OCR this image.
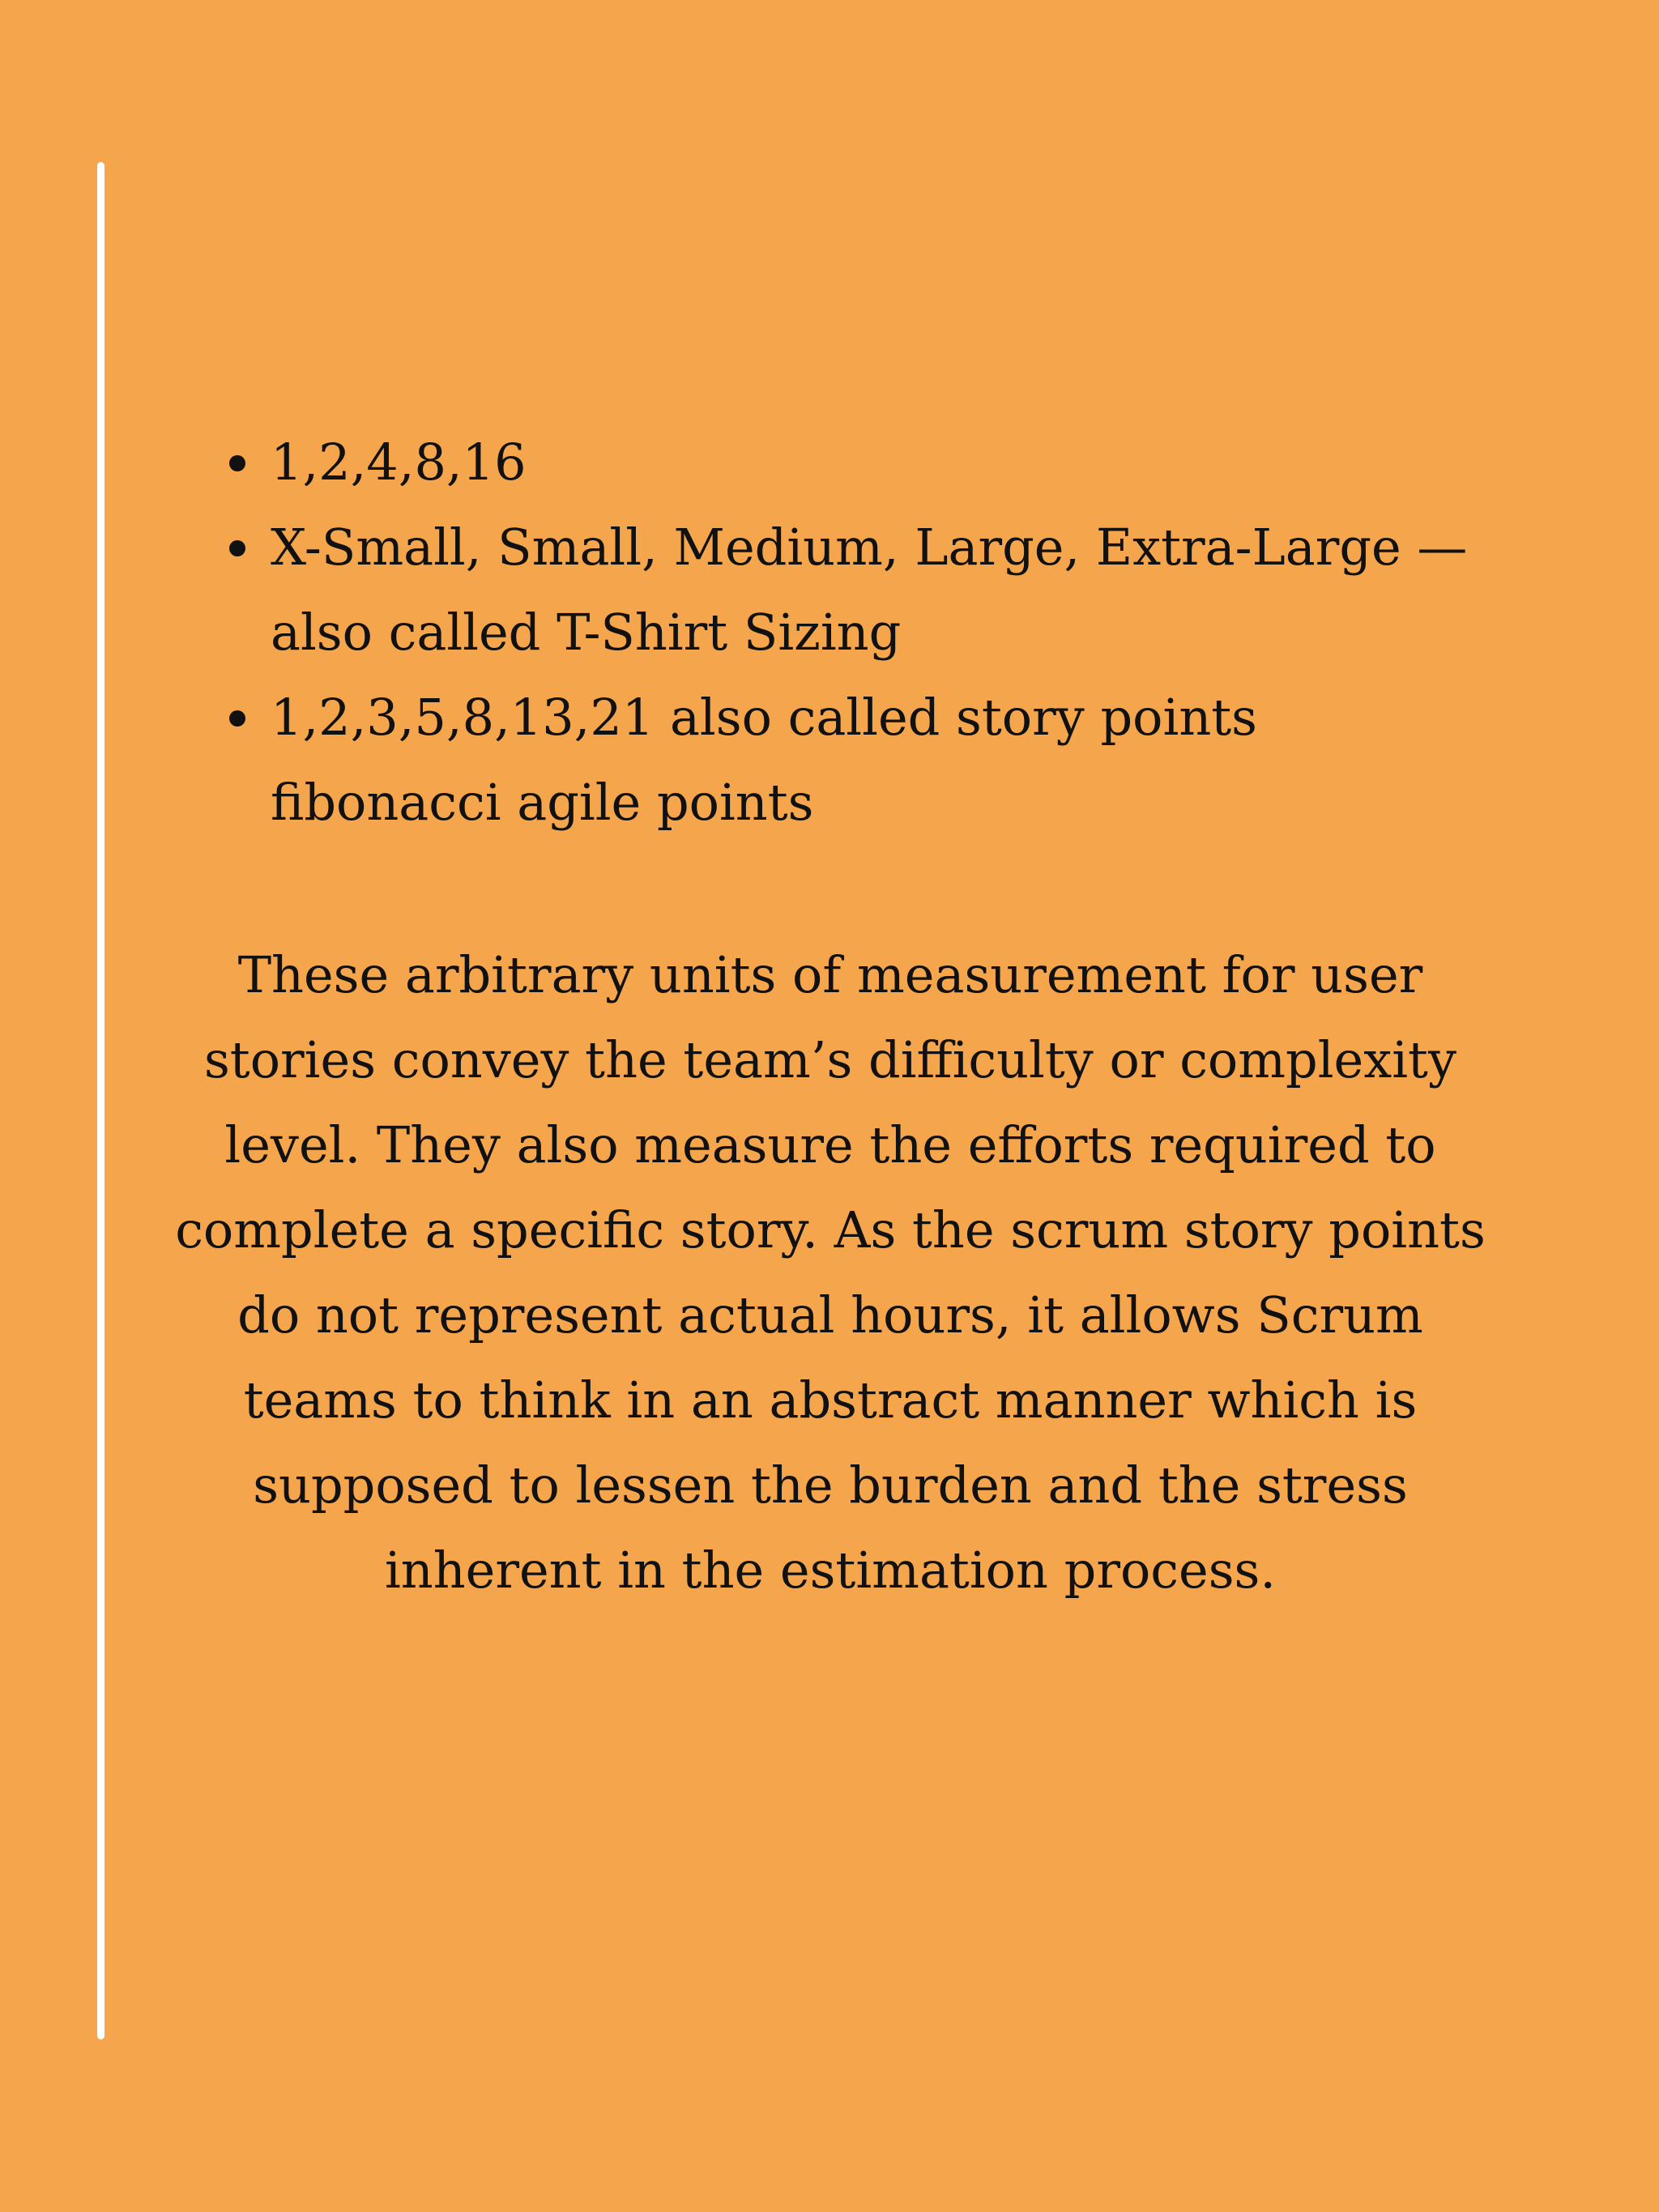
1,2,4,8,16
X-Small, Small, Medium, Large, Extra-Large — also called T-Shirt Sizing
1,2,3,5,8,13,21 also called story points fibonacci agile points

These arbitrary units of measurement for user stories convey the team’s difficulty or complexity level. They also measure the efforts required to complete a specific story. As the scrum story points do not represent actual hours, it allows Scrum teams to think in an abstract manner which is supposed to lessen the burden and the stress inherent in the estimation process.
